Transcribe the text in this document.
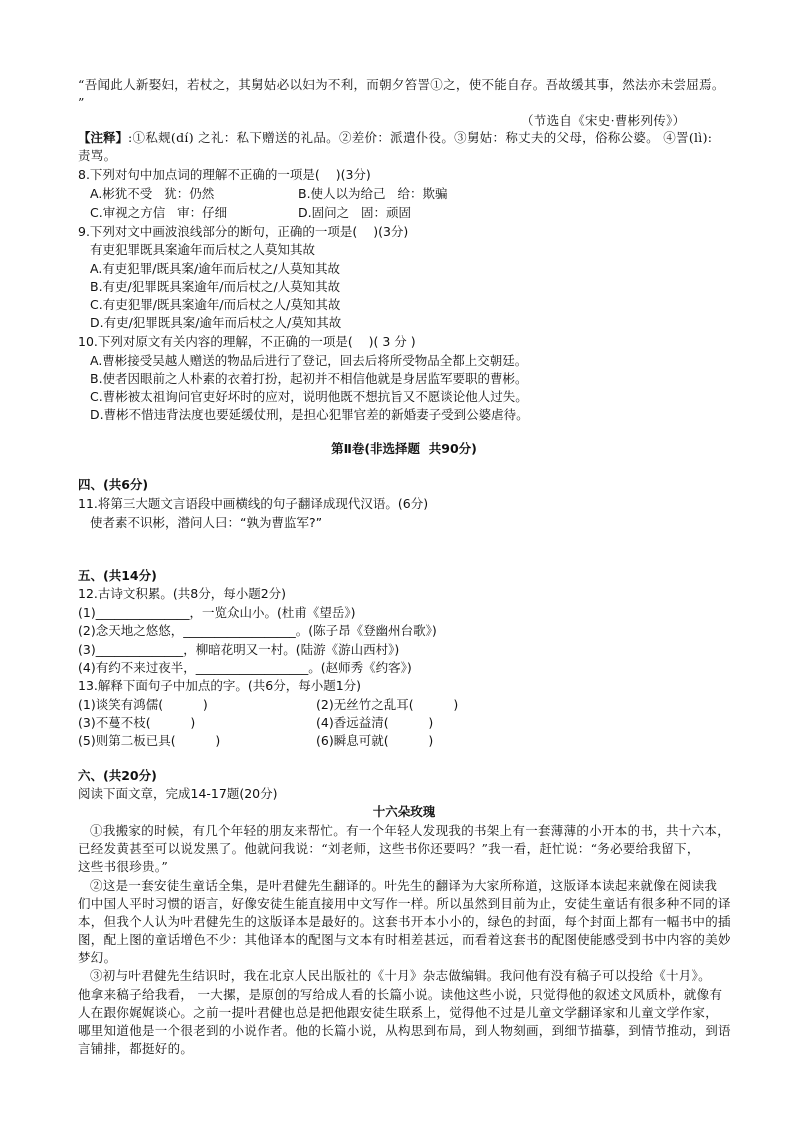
“吾闻此人新娶妇，若杖之，其舅姑必以妇为不利，而朝夕笞詈①之，使不能自存。吾故缓其事，然法亦未尝屈焉。
”
（节选自《宋史·曹彬列传》）
【注释】:①私觌(dí) 之礼：私下赠送的礼品。②差价：派遣仆役。③舅姑：称丈夫的父母，俗称公婆。 ④詈(lì):
责骂。
8.下列对句中加点词的理解不正确的一项是(    )(3分)
A.彬犹不受   犹：仍然	B.使人以为给己   给：欺骗
C.审视之方信   审：仔细	D.固问之   固：顽固
9.下列对文中画波浪线部分的断句，正确的一项是(    )(3分)
有吏犯罪既具案逾年而后杖之人莫知其故
A.有吏犯罪/既具案/逾年而后杖之/人莫知其故
B.有吏/犯罪既具案逾年/而后杖之/人莫知其故
C.有吏犯罪/既具案逾年/而后杖之人/莫知其故
D.有吏/犯罪既具案/逾年而后杖之人/莫知其故
10.下列对原文有关内容的理解，不正确的一项是(    )( 3 分 )
A.曹彬接受吴越人赠送的物品后进行了登记，回去后将所受物品全都上交朝廷。
B.使者因眼前之人朴素的衣着打扮，起初并不相信他就是身居监军要职的曹彬。
C.曹彬被太祖询问官吏好坏时的应对，说明他既不想抗旨又不愿谈论他人过失。
D.曹彬不惜违背法度也要延缓仗刑，是担心犯罪官差的新婚妻子受到公婆虐待。
第Ⅱ卷(非选择题  共90分)
四、(共6分)
11.将第三大题文言语段中画横线的句子翻译成现代汉语。(6分)
使者素不识彬，潜问人曰：“孰为曹监军?”
五、(共14分)
12.古诗文积累。(共8分，每小题2分)
(1)_______________，一览众山小。(杜甫《望岳》)
(2)念天地之悠悠，__________________。(陈子昂《登幽州台歌》)
(3)______________，柳暗花明又一村。(陆游《游山西村》)
(4)有约不来过夜半，__________________。(赵师秀《约客》)
13.解释下面句子中加点的字。(共6分，每小题1分)
(1)谈笑有鸿儒(          )	(2)无丝竹之乱耳(          )
(3)不蔓不枝(          )	(4)香远益清(          )
(5)则第二板已具(          )	(6)瞬息可就(          )
六、(共20分)
阅读下面文章，完成14-17题(20分)
十六朵玫瑰
①我搬家的时候，有几个年轻的朋友来帮忙。有一个年轻人发现我的书架上有一套薄薄的小开本的书，共十六本，
已经发黄甚至可以说发黑了。他就问我说：“刘老师，这些书你还要吗？”我一看，赶忙说：“务必要给我留下，
这些书很珍贵。”
②这是一套安徒生童话全集，是叶君健先生翻译的。叶先生的翻译为大家所称道，这版译本读起来就像在阅读我
们中国人平时习惯的语言，好像安徒生能直接用中文写作一样。所以虽然到目前为止，安徒生童话有很多种不同的译
本，但我个人认为叶君健先生的这版译本是最好的。这套书开本小小的，绿色的封面，每个封面上都有一幅书中的插
图，配上图的童话增色不少：其他译本的配图与文本有时相差甚远，而看着这套书的配图使能感受到书中内容的美妙
梦幻。
③初与叶君健先生结识时，我在北京人民出版社的《十月》杂志做编辑。我问他有没有稿子可以投给《十月》。
他拿来稿子给我看， 一大摞，是原创的写给成人看的长篇小说。读他这些小说，只觉得他的叙述文风质朴，就像有
人在跟你娓娓谈心。之前一提叶君健也总是把他跟安徒生联系上，觉得他不过是儿童文学翻译家和儿童文学作家，
哪里知道他是一个很老到的小说作者。他的长篇小说，从构思到布局，到人物刻画，到细节描摹，到情节推动，到语
言铺排，都挺好的。
